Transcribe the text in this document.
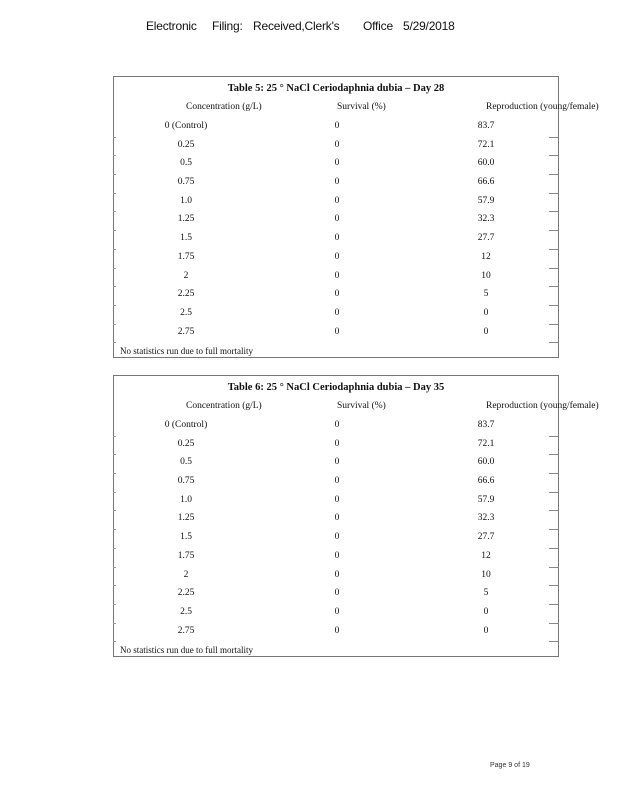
Electronic Filing: Received,Clerk's Office 5/29/2018
Table 5: 25 ° NaCl Ceriodaphnia dubia – Day 28
Concentration (g/L)	Survival (%)	Reproduction (young/female)
0 (Control)	0	83.7
0.25	0	72.1
0.5	0	60.0
0.75	0	66.6
1.0	0	57.9
1.25	0	32.3
1.5	0	27.7
1.75	0	12
2	0	10
2.25	0	5
2.5	0	0
2.75	0	0
No statistics run due to full mortality
Table 6: 25 ° NaCl Ceriodaphnia dubia – Day 35
Concentration (g/L)	Survival (%)	Reproduction (young/female)
0 (Control)	0	83.7
0.25	0	72.1
0.5	0	60.0
0.75	0	66.6
1.0	0	57.9
1.25	0	32.3
1.5	0	27.7
1.75	0	12
2	0	10
2.25	0	5
2.5	0	0
2.75	0	0
No statistics run due to full mortality
Page 9 of 19
